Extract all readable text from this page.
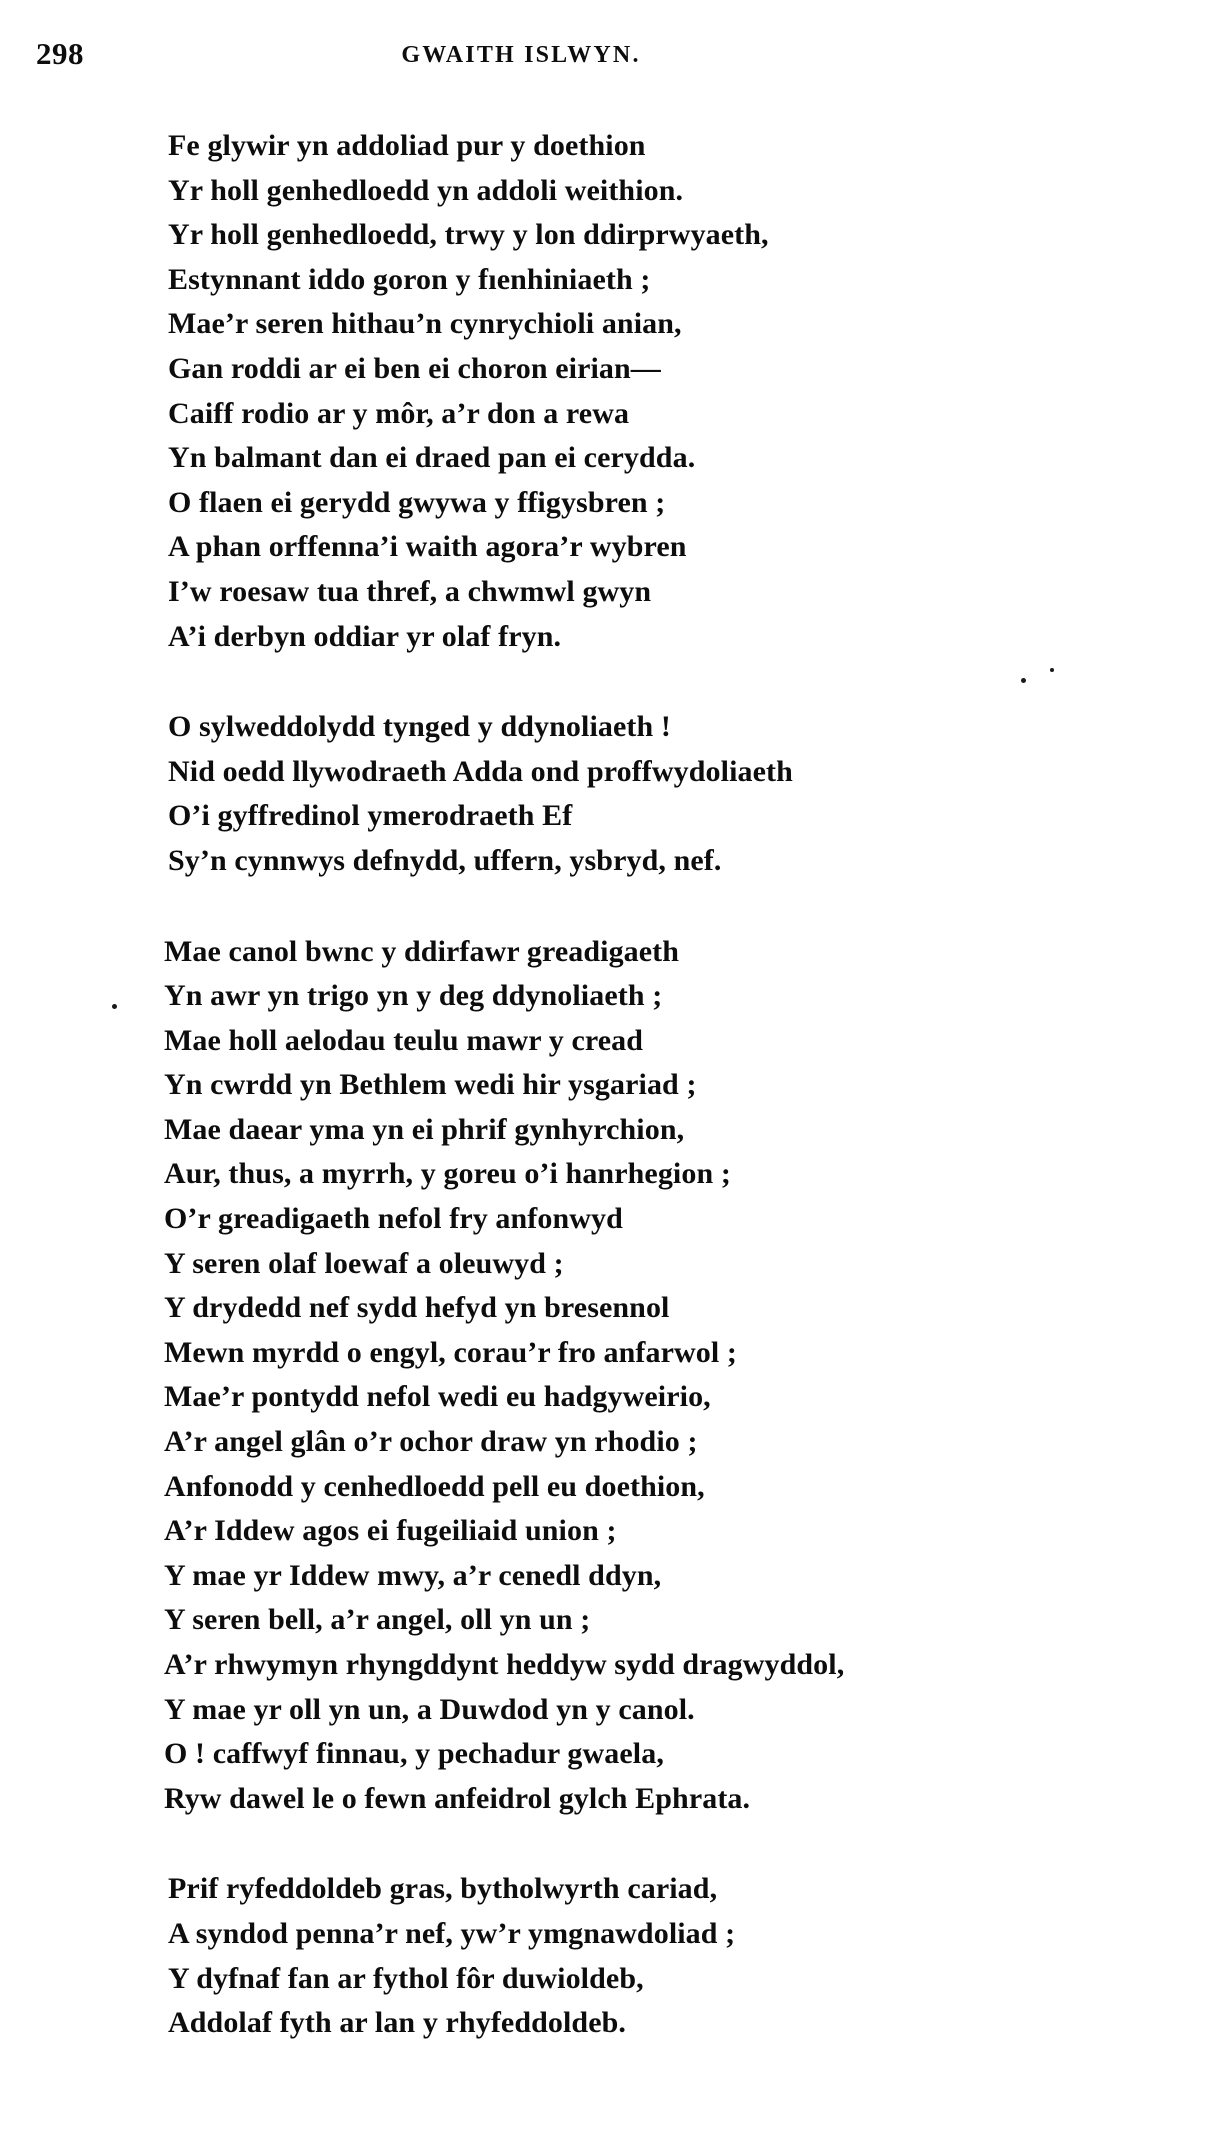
298	GWAITH ISLWYN.
Fe glywir yn addoliad pur y doethion
Yr holl genhedloedd yn addoli weithion.
Yr holl genhedloedd, trwy y lon ddirprwyaeth,
Estynnant iddo goron y fıenhiniaeth ;
Mae’r seren hithau’n cynrychioli anian,
Gan roddi ar ei ben ei choron eirian—
Caiff rodio ar y môr, a’r don a rewa
Yn balmant dan ei draed pan ei cerydda.
O flaen ei gerydd gwywa y ffigysbren ;
A phan orffenna’i waith agora’r wybren
I’w roesaw tua thref, a chwmwl gwyn
A’i derbyn oddiar yr olaf fryn.
O sylweddolydd tynged y ddynoliaeth !
Nid oedd llywodraeth Adda ond proffwydoliaeth
O’i gyffredinol ymerodraeth Ef
Sy’n cynnwys defnydd, uffern, ysbryd, nef.
Mae canol bwnc y ddirfawr greadigaeth
Yn awr yn trigo yn y deg ddynoliaeth ;
Mae holl aelodau teulu mawr y cread
Yn cwrdd yn Bethlem wedi hir ysgariad ;
Mae daear yma yn ei phrif gynhyrchion,
Aur, thus, a myrrh, y goreu o’i hanrhegion ;
O’r greadigaeth nefol fry anfonwyd
Y seren olaf loewaf a oleuwyd ;
Y drydedd nef sydd hefyd yn bresennol
Mewn myrdd o engyl, corau’r fro anfarwol ;
Mae’r pontydd nefol wedi eu hadgyweirio,
A’r angel glân o’r ochor draw yn rhodio ;
Anfonodd y cenhedloedd pell eu doethion,
A’r Iddew agos ei fugeiliaid union ;
Y mae yr Iddew mwy, a’r cenedl ddyn,
Y seren bell, a’r angel, oll yn un ;
A’r rhwymyn rhyngddynt heddyw sydd dragwyddol,
Y mae yr oll yn un, a Duwdod yn y canol.
O ! caffwyf finnau, y pechadur gwaela,
Ryw dawel le o fewn anfeidrol gylch Ephrata.
Prif ryfeddoldeb gras, bytholwyrth cariad,
A syndod penna’r nef, yw’r ymgnawdoliad ;
Y dyfnaf fan ar fythol fôr duwioldeb,
Addolaf fyth ar lan y rhyfeddoldeb.
